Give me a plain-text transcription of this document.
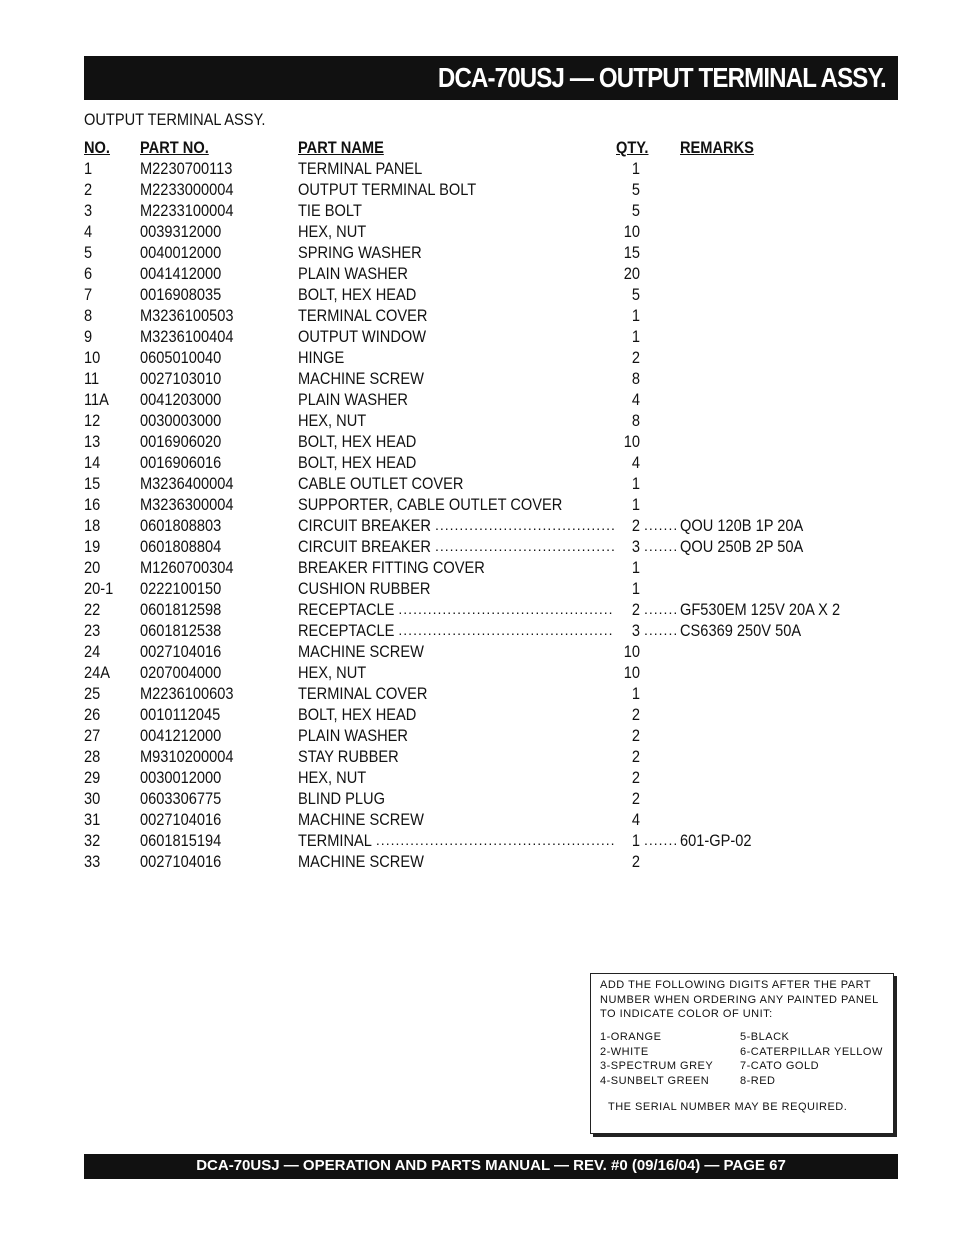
DCA-70USJ — OUTPUT TERMINAL ASSY.
OUTPUT TERMINAL ASSY.
NO. PART NO.	PART NAME	QTY. REMARKS
1	M2230700113	TERMINAL PANEL	1
2	M2233000004	OUTPUT TERMINAL BOLT	5
3	M2233100004	TIE BOLT	5
4	0039312000	HEX, NUT	10
5	0040012000	SPRING WASHER	15
6	0041412000	PLAIN WASHER	20
7	0016908035	BOLT, HEX HEAD	5
8	M3236100503	TERMINAL COVER	1
9	M3236100404	OUTPUT WINDOW	1
10 0605010040	HINGE	2
11 0027103010	MACHINE SCREW	8
11A 0041203000	PLAIN WASHER	4
12 0030003000	HEX, NUT	8
13 0016906020	BOLT, HEX HEAD	10
14 0016906016	BOLT, HEX HEAD	4
15 M3236400004	CABLE OUTLET COVER	1
16 M3236300004	SUPPORTER, CABLE OUTLET COVER	1
18 0601808803	CIRCUIT BREAKER	2 ..... ..... QOU 120B 1P 20A
19 0601808804	CIRCUIT BREAKER	3 ..... ..... QOU 250B 2P 50A
20 M1260700304	BREAKER FITTING COVER	1
20-1 0222100150	CUSHION RUBBER	1
22 0601812598	RECEPTACLE	2 ..... ..... GF530EM 125V 20A X 2
23 0601812538	RECEPTACLE	3 ..... ..... CS6369 250V 50A
24 0027104016	MACHINE SCREW	10
24A 0207004000	HEX, NUT	10
25 M2236100603	TERMINAL COVER	1
26 0010112045	BOLT, HEX HEAD	2
27 0041212000	PLAIN WASHER	2
28 M9310200004	STAY RUBBER	2
29 0030012000	HEX, NUT	2
30 0603306775	BLIND PLUG	2
31 0027104016	MACHINE SCREW	4
32 0601815194	TERMINAL	1 ..... ..... 601-GP-02
33 0027104016	MACHINE SCREW	2
ADD THE FOLLOWING DIGITS AFTER THE PART NUMBER WHEN ORDERING ANY PAINTED PANEL TO INDICATE COLOR OF UNIT:
1-ORANGE
2-WHITE
3-SPECTRUM GREY
4-SUNBELT GREEN
5-BLACK
6-CATERPILLAR YELLOW
7-CATO GOLD
8-RED
THE SERIAL NUMBER MAY BE REQUIRED.
DCA-70USJ — OPERATION AND PARTS MANUAL — REV. #0 (09/16/04) — PAGE 67
